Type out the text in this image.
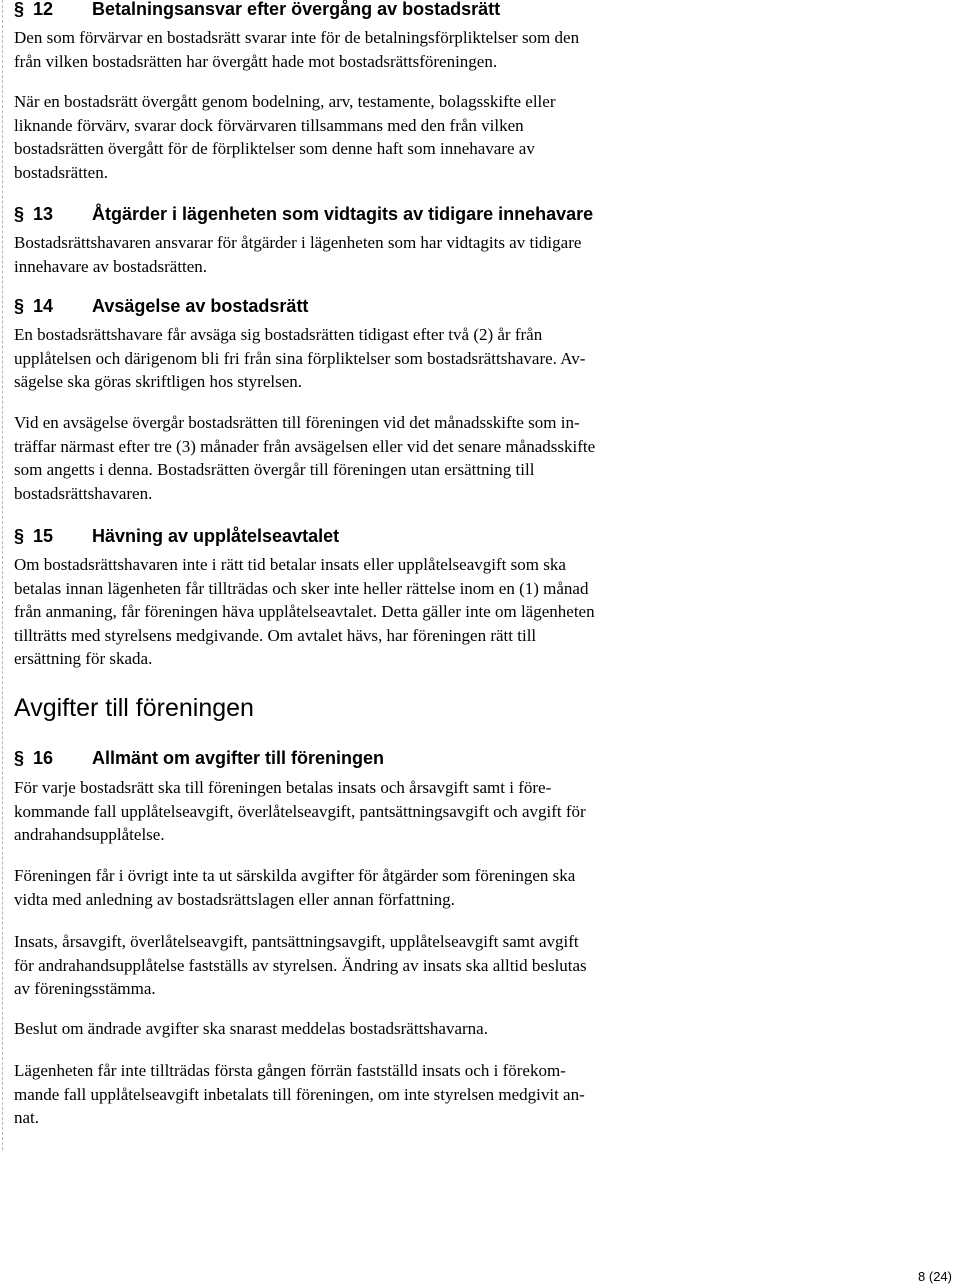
§ 12 Betalningsansvar efter övergång av bostadsrätt
Den som förvärvar en bostadsrätt svarar inte för de betalningsförpliktelser som den
från vilken bostadsrätten har övergått hade mot bostadsrättsföreningen.
När en bostadsrätt övergått genom bodelning, arv, testamente, bolagsskifte eller
liknande förvärv, svarar dock förvärvaren tillsammans med den från vilken
bostadsrätten övergått för de förpliktelser som denne haft som innehavare av
bostadsrätten.
§ 13 Åtgärder i lägenheten som vidtagits av tidigare innehavare
Bostadsrättshavaren ansvarar för åtgärder i lägenheten som har vidtagits av tidigare
innehavare av bostadsrätten.
§ 14 Avsägelse av bostadsrätt
En bostadsrättshavare får avsäga sig bostadsrätten tidigast efter två (2) år från
upplåtelsen och därigenom bli fri från sina förpliktelser som bostadsrättshavare. Av-
sägelse ska göras skriftligen hos styrelsen.
Vid en avsägelse övergår bostadsrätten till föreningen vid det månadsskifte som in-
träffar närmast efter tre (3) månader från avsägelsen eller vid det senare månadsskifte
som angetts i denna. Bostadsrätten övergår till föreningen utan ersättning till
bostadsrättshavaren.
§ 15 Hävning av upplåtelseavtalet
Om bostadsrättshavaren inte i rätt tid betalar insats eller upplåtelseavgift som ska
betalas innan lägenheten får tillträdas och sker inte heller rättelse inom en (1) månad
från anmaning, får föreningen häva upplåtelseavtalet. Detta gäller inte om lägenheten
tillträtts med styrelsens medgivande. Om avtalet hävs, har föreningen rätt till
ersättning för skada.
Avgifter till föreningen
§ 16 Allmänt om avgifter till föreningen
För varje bostadsrätt ska till föreningen betalas insats och årsavgift samt i före-
kommande fall upplåtelseavgift, överlåtelseavgift, pantsättningsavgift och avgift för
andrahandsupplåtelse.
Föreningen får i övrigt inte ta ut särskilda avgifter för åtgärder som föreningen ska
vidta med anledning av bostadsrättslagen eller annan författning.
Insats, årsavgift, överlåtelseavgift, pantsättningsavgift, upplåtelseavgift samt avgift
för andrahandsupplåtelse fastställs av styrelsen. Ändring av insats ska alltid beslutas
av föreningsstämma.
Beslut om ändrade avgifter ska snarast meddelas bostadsrättshavarna.
Lägenheten får inte tillträdas första gången förrän fastställd insats och i förekom-
mande fall upplåtelseavgift inbetalats till föreningen, om inte styrelsen medgivit an-
nat.
8 (24)
